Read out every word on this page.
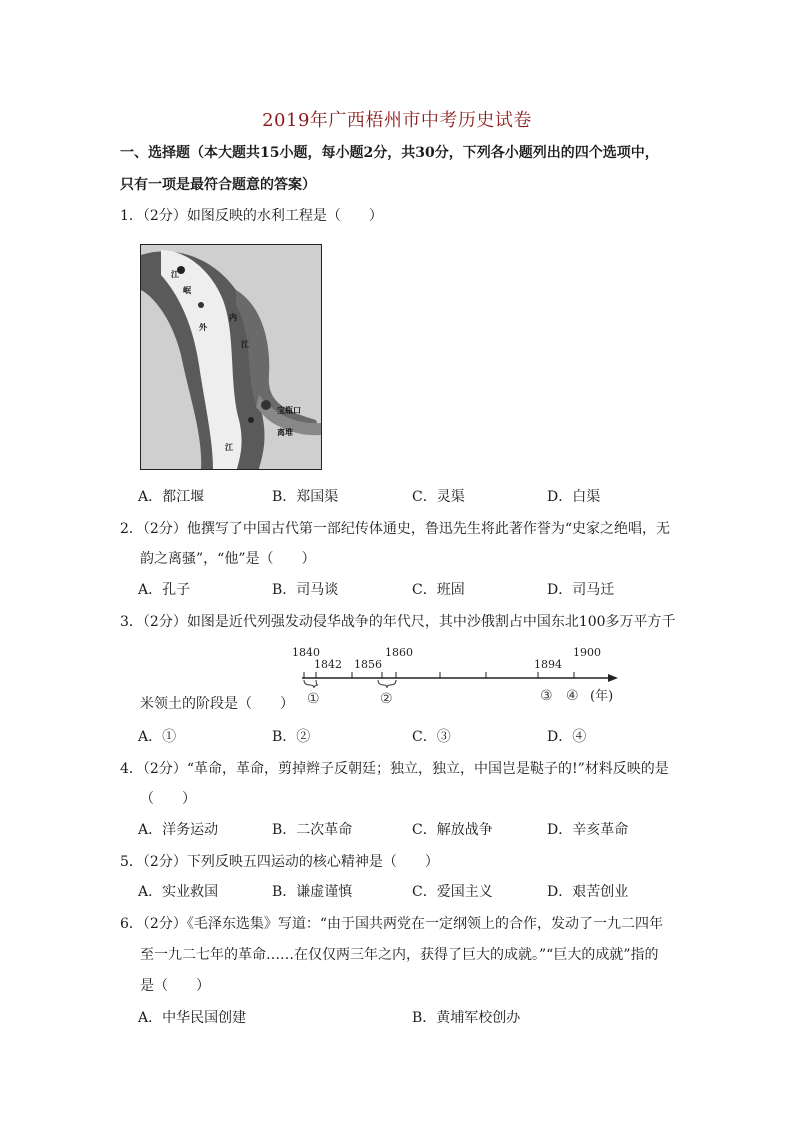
2019年广西梧州市中考历史试卷
一、选择题（本大题共15小题，每小题2分，共30分，下列各小题列出的四个选项中，
只有一项是最符合题意的答案）
1．（2分）如图反映的水利工程是（　　）
江
岷
外
内
江
宝瓶口
离堆
江
A．都江堰	B．郑国渠	C．灵渠	D．白渠
2．（2分）他撰写了中国古代第一部纪传体通史，鲁迅先生将此著作誉为“史家之绝唱，无
韵之离骚”，“他”是（　　）
A．孔子	B．司马谈	C．班固	D．司马迁
3．（2分）如图是近代列强发动侵华战争的年代尺，其中沙俄割占中国东北100多万平方千
1840
1842 1856
1860
1894
1900
①	②	③ ④ (年)
米领土的阶段是（　　）
A．①	B．②	C．③	D．④
4．（2分）“革命，革命，剪掉辫子反朝廷；独立，独立，中国岂是鞑子的!”材料反映的是
（　　）
A．洋务运动	B．二次革命	C．解放战争	D．辛亥革命
5．（2分）下列反映五四运动的核心精神是（　　）
A．实业救国	B．谦虚谨慎	C．爱国主义	D．艰苦创业
6．（2分）《毛泽东选集》写道：“由于国共两党在一定纲领上的合作，发动了一九二四年
至一九二七年的革命……在仅仅两三年之内，获得了巨大的成就。”“巨大的成就”指的
是（　　）
A．中华民国创建	B．黄埔军校创办
